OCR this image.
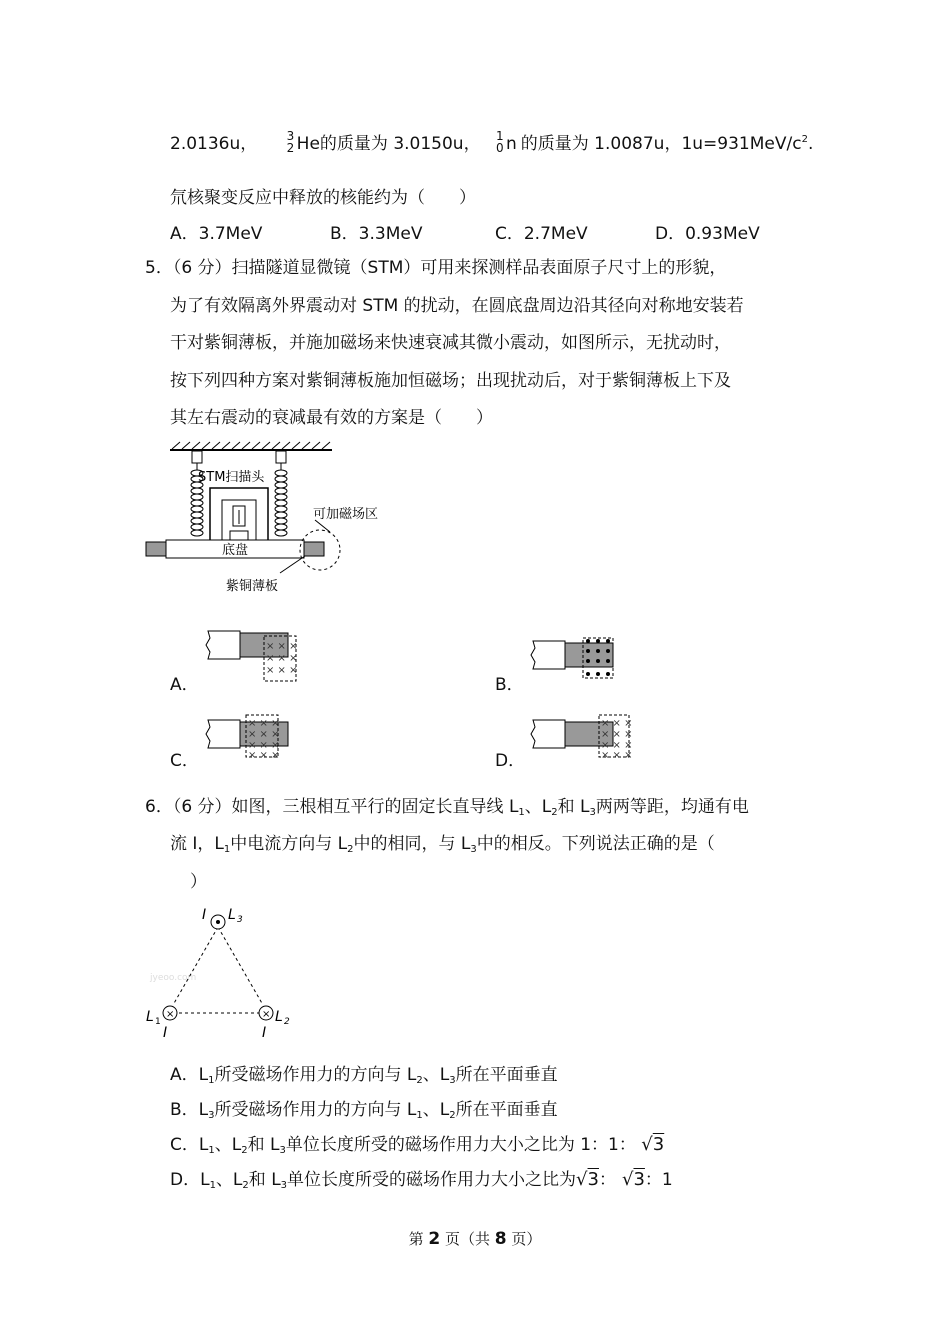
2.0136u， 3
2 He的质量为 3.0150u， 1
0 n 的质量为 1.0087u，$1u=931MeV/c^2$.
氘核聚变反应中释放的核能约为（　　）
A．3.7MeV	B．3.3MeV	C．2.7MeV	D．0.93MeV
5．（6 分）扫描隧道显微镜（STM）可用来探测样品表面原子尺寸上的形貌，
为了有效隔离外界震动对 STM 的扰动，在圆底盘周边沿其径向对称地安装若
干对紫铜薄板，并施加磁场来快速衰减其微小震动，如图所示，无扰动时，
按下列四种方案对紫铜薄板施加恒磁场；出现扰动后，对于紫铜薄板上下及
其左右震动的衰减最有效的方案是（　　）
STM扫描头
底盘
可加磁场区
紫铜薄板
A．
× × ×
× × ×
× × ×
B．
C．
× × ×
× × ×
× × ×
× × ×	D．
× × ×
× × ×
× × ×
× × ×
6．（6 分）如图，三根相互平行的固定长直导线 $L_1$、$L_2$和 $L_3$两两等距，均通有电
流 I，$L_1$中电流方向与 $L_2$中的相同，与 $L_3$中的相反。下列说法正确的是（
）
jyeoo.com
I L 3
×
L 1
I
× L 2
I
A．$L_1$所受磁场作用力的方向与 $L_2$、$L_3$所在平面垂直
B．$L_3$所受磁场作用力的方向与 $L_1$、$L_2$所在平面垂直
C．$L_1$、$L_2$和 $L_3$单位长度所受的磁场作用力大小之比为 1：1： √3
D．$L_1$、$L_2$和 $L_3$单位长度所受的磁场作用力大小之比为√3： √3：1
第 2 页（共 8 页）
